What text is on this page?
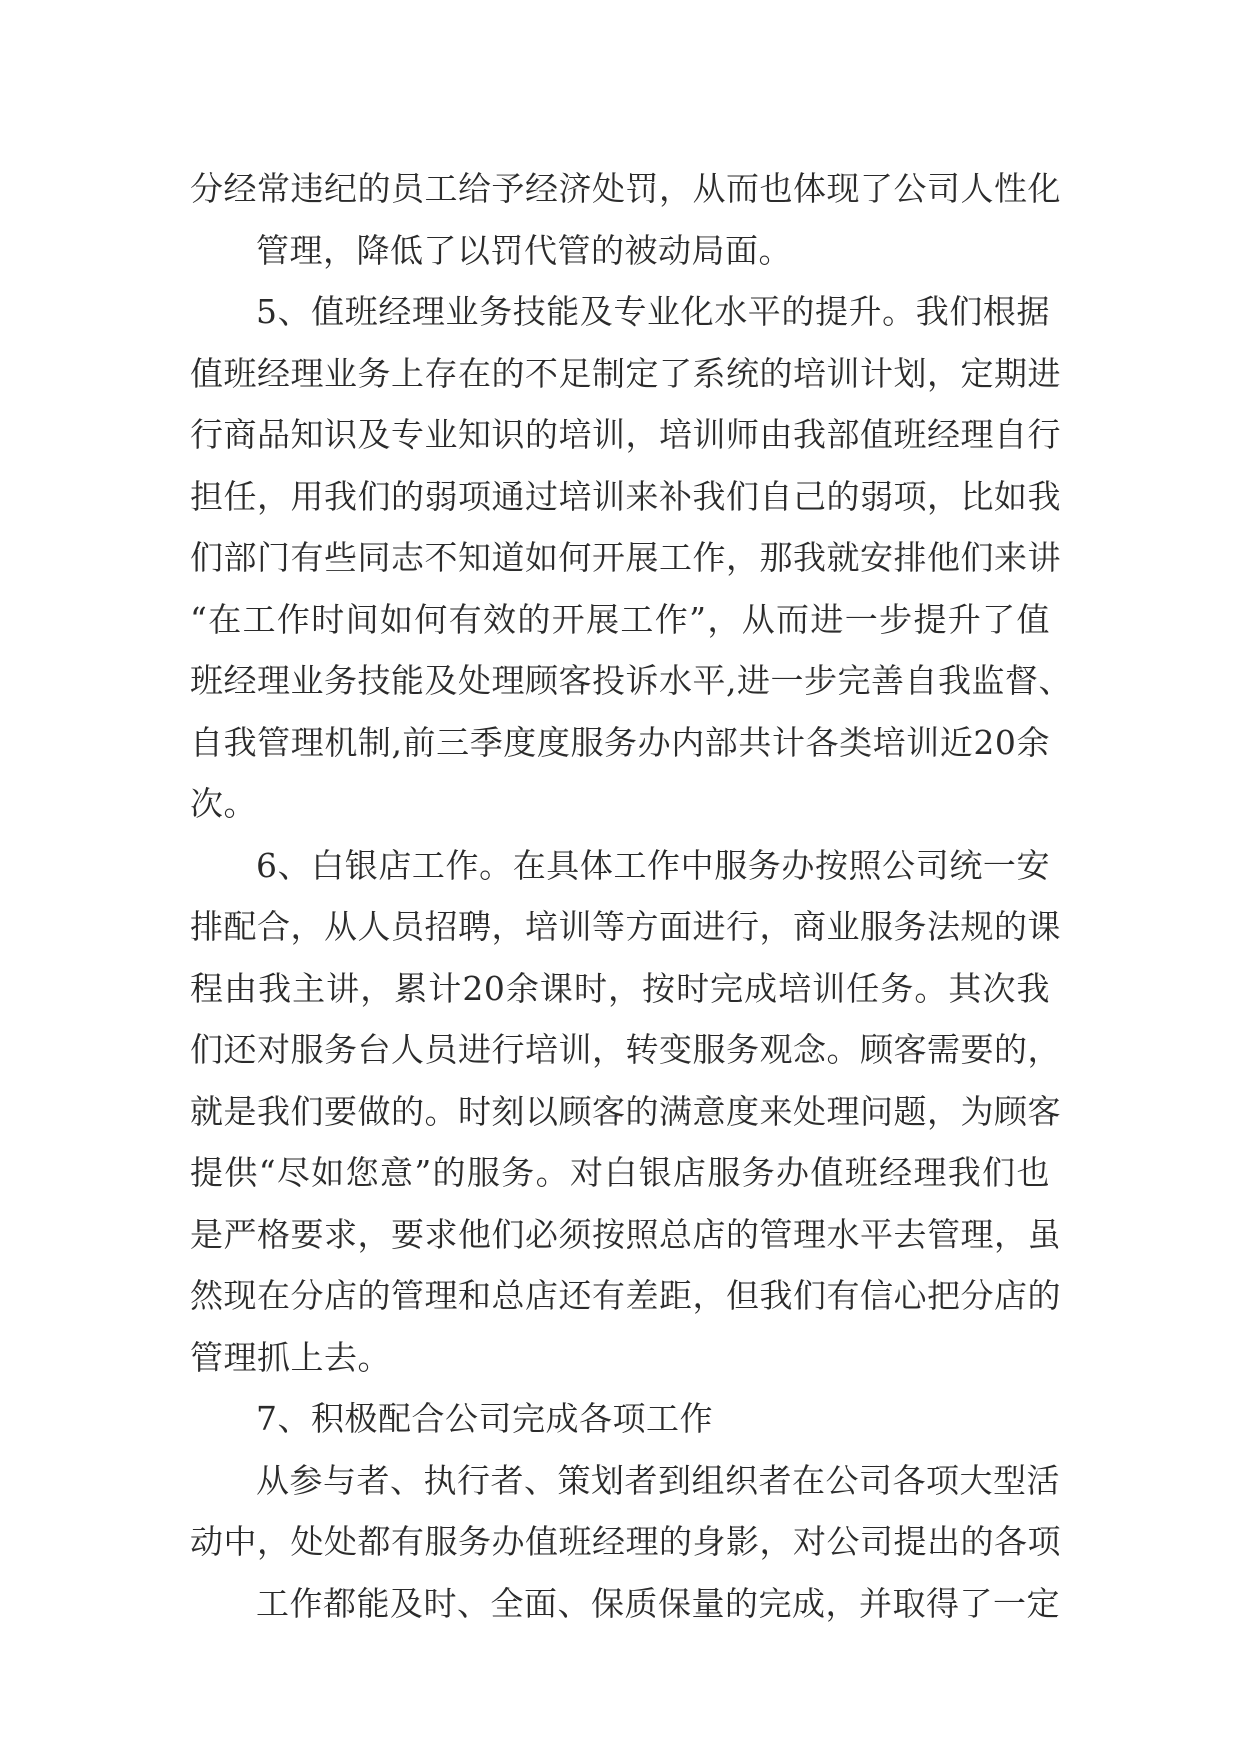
分经常违纪的员工给予经济处罚，从而也体现了公司人性化
管理，降低了以罚代管的被动局面。
5、值班经理业务技能及专业化水平的提升。我们根据
值班经理业务上存在的不足制定了系统的培训计划，定期进
行商品知识及专业知识的培训，培训师由我部值班经理自行
担任，用我们的弱项通过培训来补我们自己的弱项，比如我
们部门有些同志不知道如何开展工作，那我就安排他们来讲
“在工作时间如何有效的开展工作”，从而进一步提升了值
班经理业务技能及处理顾客投诉水平,进一步完善自我监督、
自我管理机制,前三季度度服务办内部共计各类培训近20余
次。
6、白银店工作。在具体工作中服务办按照公司统一安
排配合，从人员招聘，培训等方面进行，商业服务法规的课
程由我主讲，累计20余课时，按时完成培训任务。其次我
们还对服务台人员进行培训，转变服务观念。顾客需要的，
就是我们要做的。时刻以顾客的满意度来处理问题，为顾客
提供“尽如您意”的服务。对白银店服务办值班经理我们也
是严格要求，要求他们必须按照总店的管理水平去管理，虽
然现在分店的管理和总店还有差距，但我们有信心把分店的
管理抓上去。
7、积极配合公司完成各项工作
从参与者、执行者、策划者到组织者在公司各项大型活
动中，处处都有服务办值班经理的身影，对公司提出的各项
工作都能及时、全面、保质保量的完成，并取得了一定
